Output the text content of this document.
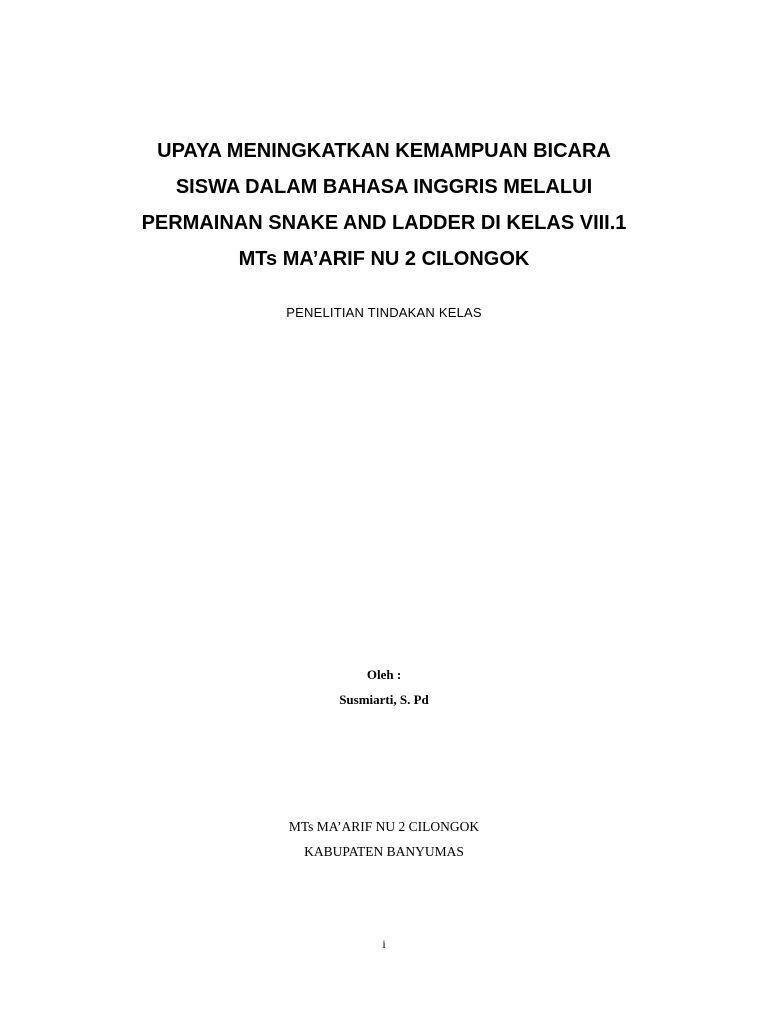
UPAYA MENINGKATKAN KEMAMPUAN BICARA
SISWA DALAM BAHASA INGGRIS MELALUI
PERMAINAN SNAKE AND LADDER DI KELAS VIII.1
MTs MA’ARIF NU 2 CILONGOK
PENELITIAN TINDAKAN KELAS
Oleh :
Susmiarti, S. Pd
MTs MA’ARIF NU 2 CILONGOK
KABUPATEN BANYUMAS
i
